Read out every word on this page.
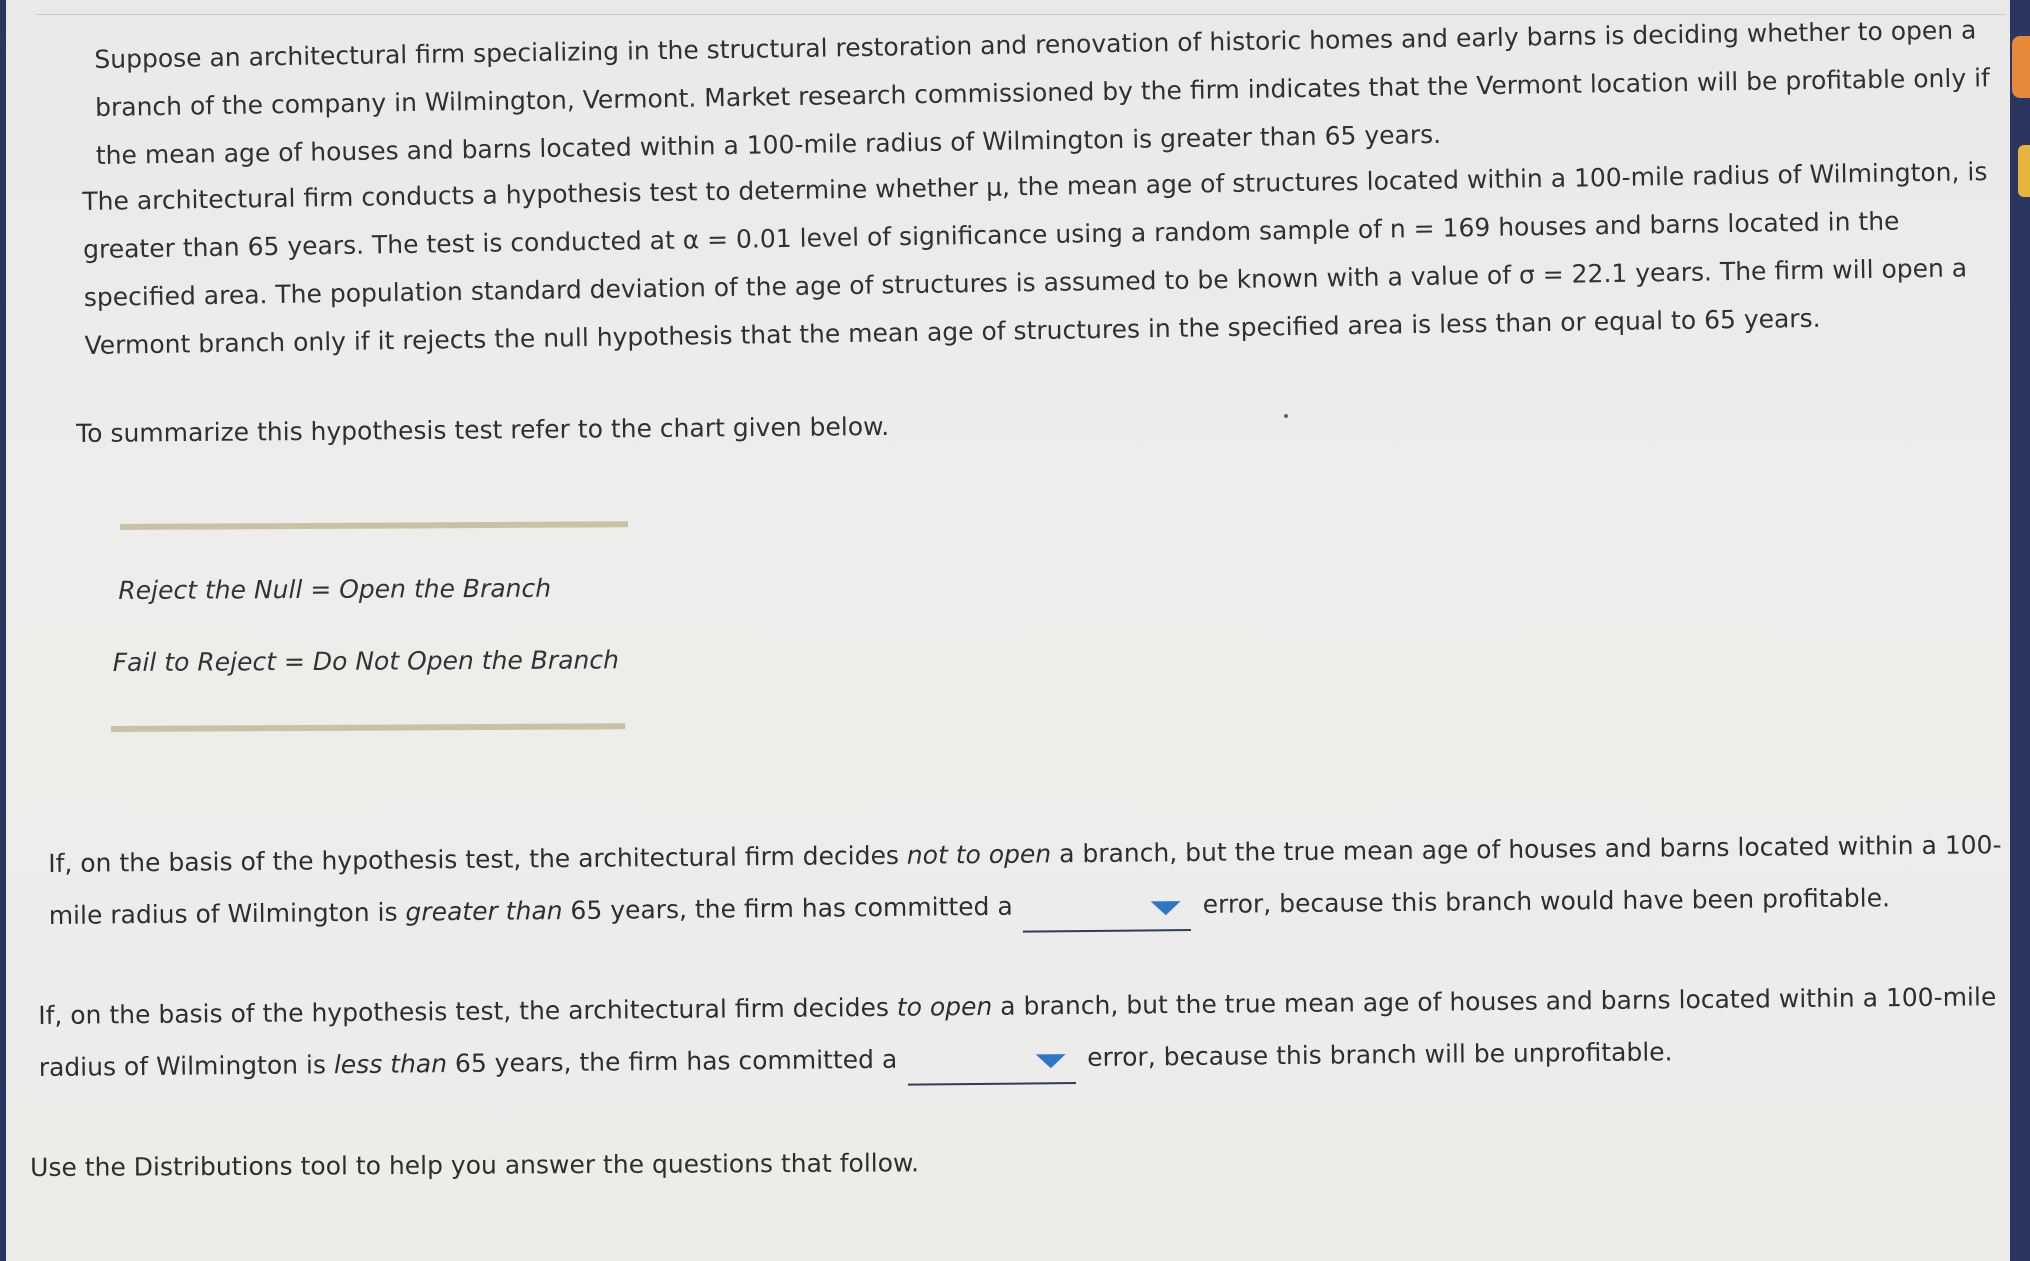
Suppose an architectural firm specializing in the structural restoration and renovation of historic homes and early barns is deciding whether to open a branch of the company in Wilmington, Vermont. Market research commissioned by the firm indicates that the Vermont location will be profitable only if the mean age of houses and barns located within a 100-mile radius of Wilmington is greater than 65 years.
The architectural firm conducts a hypothesis test to determine whether μ, the mean age of structures located within a 100-mile radius of Wilmington, is greater than 65 years. The test is conducted at α = 0.01 level of significance using a random sample of n = 169 houses and barns located in the specified area. The population standard deviation of the age of structures is assumed to be known with a value of σ = 22.1 years. The firm will open a Vermont branch only if it rejects the null hypothesis that the mean age of structures in the specified area is less than or equal to 65 years.
To summarize this hypothesis test refer to the chart given below.
Reject the Null = Open the Branch
Fail to Reject = Do Not Open the Branch
If, on the basis of the hypothesis test, the architectural firm decides not to open a branch, but the true mean age of houses and barns located within a 100-mile radius of Wilmington is greater than 65 years, the firm has committed a	error, because this branch would have been profitable.
If, on the basis of the hypothesis test, the architectural firm decides to open a branch, but the true mean age of houses and barns located within a 100-mile radius of Wilmington is less than 65 years, the firm has committed a	error, because this branch will be unprofitable.
Use the Distributions tool to help you answer the questions that follow.
